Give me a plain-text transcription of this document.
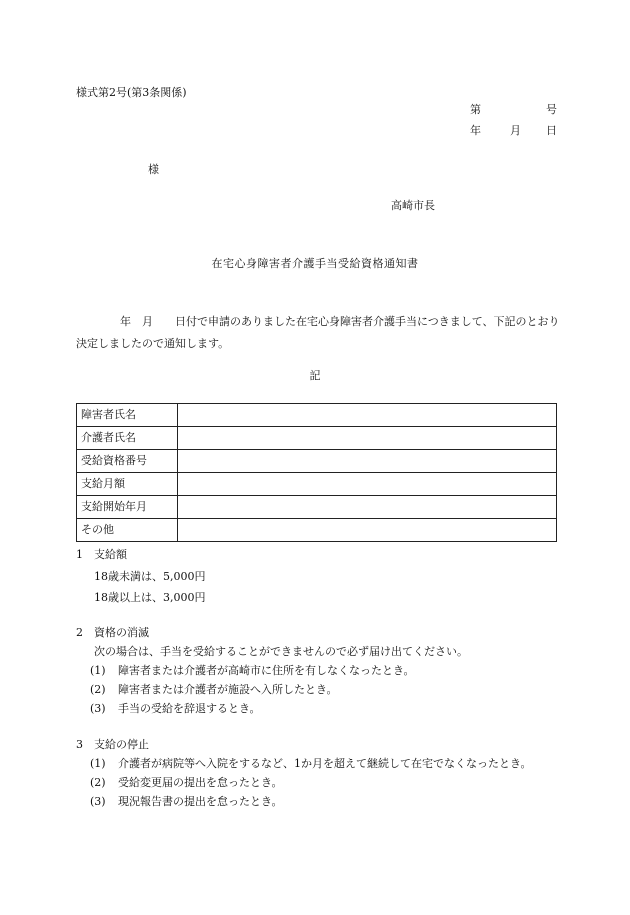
様式第2号(第3条関係)
第	号
年	月 日
様
高崎市長
在宅心身障害者介護手当受給資格通知書
　　　　年　月　　日付で申請のありました在宅心身障害者介護手当につきまして、下記のとおり決定しましたので通知します。
記
障害者氏名	
介護者氏名	
受給資格番号	
支給月額	
支給開始年月	
その他	
1 支給額
18歳未満は、5,000円
18歳以上は、3,000円
2 資格の消滅
次の場合は、手当を受給することができませんので必ず届け出てください。
(1) 障害者または介護者が高崎市に住所を有しなくなったとき。
(2) 障害者または介護者が施設へ入所したとき。
(3) 手当の受給を辞退するとき。
3 支給の停止
(1) 介護者が病院等へ入院をするなど、1か月を超えて継続して在宅でなくなったとき。
(2) 受給変更届の提出を怠ったとき。
(3) 現況報告書の提出を怠ったとき。
